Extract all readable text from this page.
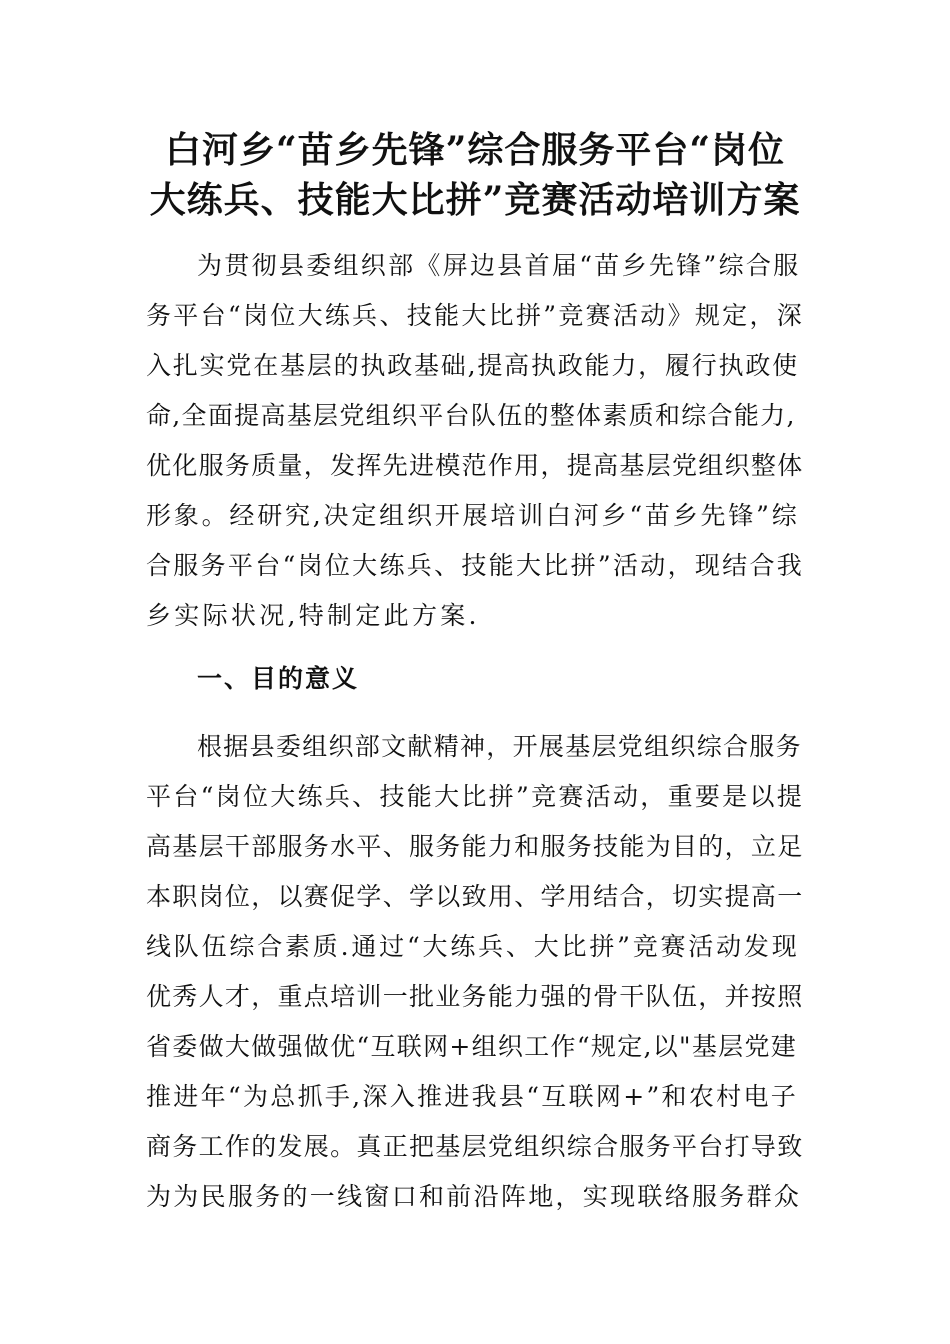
白河乡“苗乡先锋”综合服务平台“岗位
大练兵、技能大比拼”竞赛活动培训方案
为贯彻县委组织部《屏边县首届“苗乡先锋”综合服
务平台“岗位大练兵、技能大比拼”竞赛活动》规定，深
入扎实党在基层的执政基础,提高执政能力，履行执政使
命,全面提高基层党组织平台队伍的整体素质和综合能力,
优化服务质量，发挥先进模范作用，提高基层党组织整体
形象。经研究,决定组织开展培训白河乡“苗乡先锋”综
合服务平台“岗位大练兵、技能大比拼”活动，现结合我
乡实际状况,特制定此方案.
一、目的意义
根据县委组织部文献精神，开展基层党组织综合服务
平台“岗位大练兵、技能大比拼”竞赛活动，重要是以提
高基层干部服务水平、服务能力和服务技能为目的，立足
本职岗位，以赛促学、学以致用、学用结合，切实提高一
线队伍综合素质.通过“大练兵、大比拼”竞赛活动发现
优秀人才，重点培训一批业务能力强的骨干队伍，并按照
省委做大做强做优“互联网+组织工作“规定,以"基层党建
推进年“为总抓手,深入推进我县“互联网+”和农村电子
商务工作的发展。真正把基层党组织综合服务平台打导致
为为民服务的一线窗口和前沿阵地，实现联络服务群众
